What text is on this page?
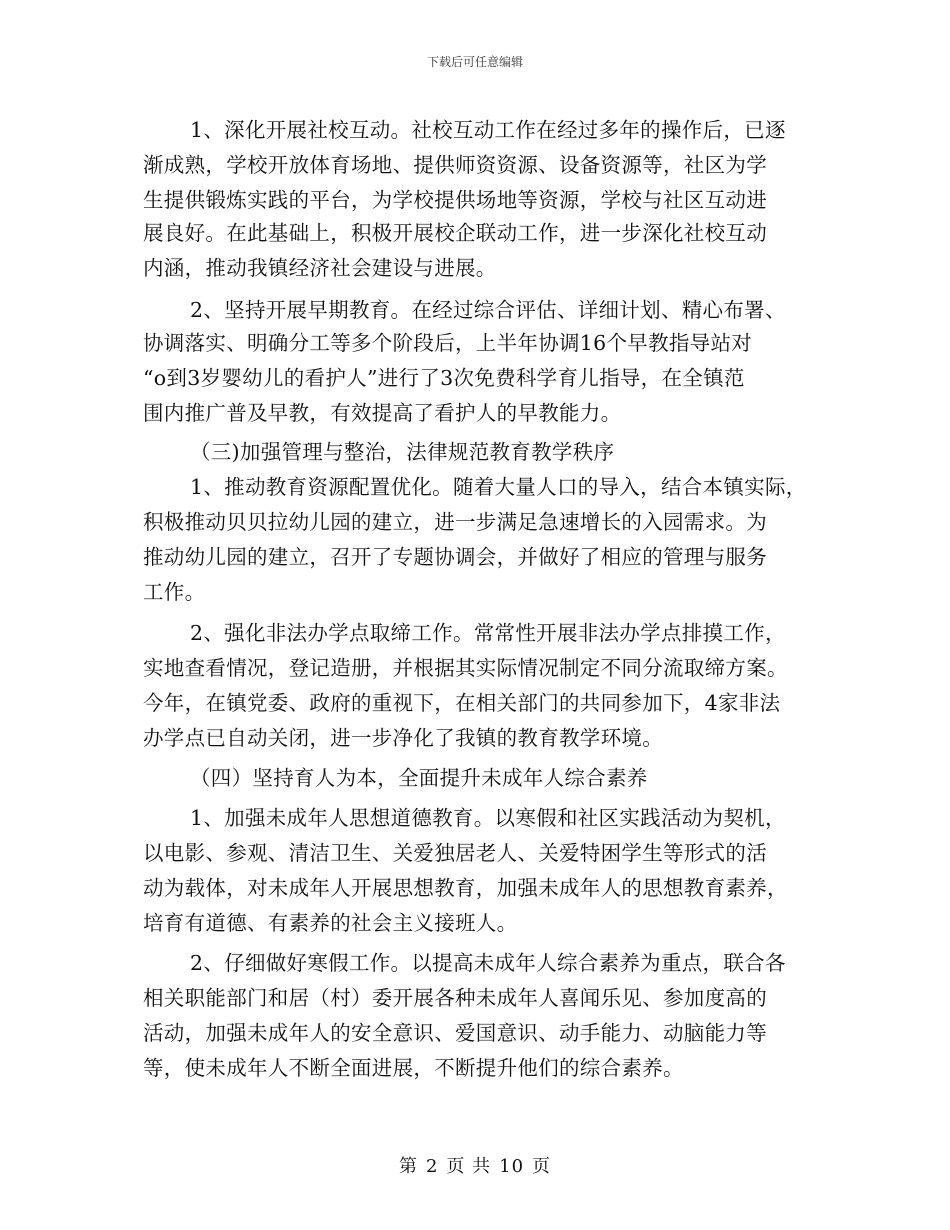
下载后可任意编辑
1、深化开展社校互动。社校互动工作在经过多年的操作后，已逐
渐成熟，学校开放体育场地、提供师资资源、设备资源等，社区为学
生提供锻炼实践的平台，为学校提供场地等资源，学校与社区互动进
展良好。在此基础上，积极开展校企联动工作，进一步深化社校互动
内涵，推动我镇经济社会建设与进展。
2、坚持开展早期教育。在经过综合评估、详细计划、精心布署、
协调落实、明确分工等多个阶段后，上半年协调16个早教指导站对
“o到3岁婴幼儿的看护人”进行了3次免费科学育儿指导，在全镇范
围内推广普及早教，有效提高了看护人的早教能力。
（三)加强管理与整治，法律规范教育教学秩序
1、推动教育资源配置优化。随着大量人口的导入，结合本镇实际，
积极推动贝贝拉幼儿园的建立，进一步满足急速增长的入园需求。为
推动幼儿园的建立，召开了专题协调会，并做好了相应的管理与服务
工作。
2、强化非法办学点取缔工作。常常性开展非法办学点排摸工作，
实地查看情况，登记造册，并根据其实际情况制定不同分流取缔方案。
今年，在镇党委、政府的重视下，在相关部门的共同参加下，4家非法
办学点已自动关闭，进一步净化了我镇的教育教学环境。
（四）坚持育人为本，全面提升未成年人综合素养
1、加强未成年人思想道德教育。以寒假和社区实践活动为契机，
以电影、参观、清洁卫生、关爱独居老人、关爱特困学生等形式的活
动为载体，对未成年人开展思想教育，加强未成年人的思想教育素养，
培育有道德、有素养的社会主义接班人。
2、仔细做好寒假工作。以提高未成年人综合素养为重点，联合各
相关职能部门和居（村）委开展各种未成年人喜闻乐见、参加度高的
活动，加强未成年人的安全意识、爱国意识、动手能力、动脑能力等
等，使未成年人不断全面进展，不断提升他们的综合素养。
第 2 页 共 10 页
